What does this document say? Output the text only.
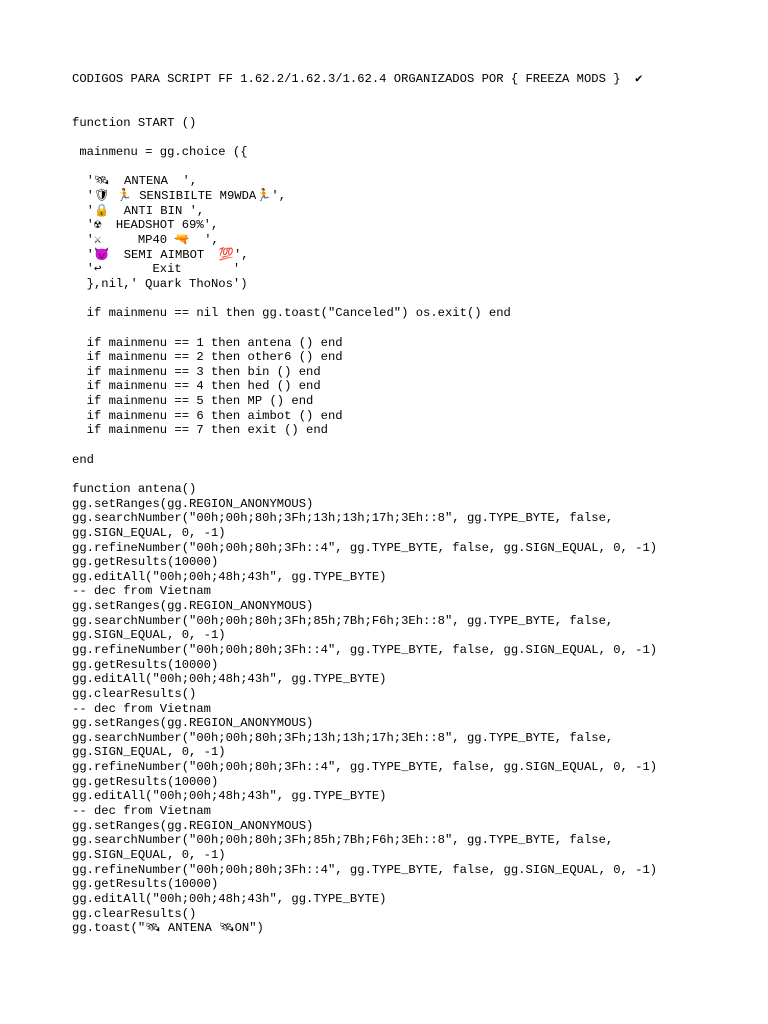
CODIGOS PARA SCRIPT FF 1.62.2/1.62.3/1.62.4 ORGANIZADOS POR { FREEZA MODS }  ✔
function START ()
mainmenu = gg.choice ({
'🛰  ANTENA  ',
'🛡 🏃 SENSIBILTE M9WDA🏃',
'🔒  ANTI BIN ',
'☢  HEADSHOT 69%',
'⚔     MP40 🔫  ',
'😈  SEMI AIMBOT  💯',
'↩       Exit       '
},nil,' Quark ThoNos')
if mainmenu == nil then gg.toast("Canceled") os.exit() end
if mainmenu == 1 then antena () end
if mainmenu == 2 then other6 () end
if mainmenu == 3 then bin () end
if mainmenu == 4 then hed () end
if mainmenu == 5 then MP () end
if mainmenu == 6 then aimbot () end
if mainmenu == 7 then exit () end
end
function antena()
gg.setRanges(gg.REGION_ANONYMOUS)
gg.searchNumber("00h;00h;80h;3Fh;13h;13h;17h;3Eh::8", gg.TYPE_BYTE, false,
gg.SIGN_EQUAL, 0, -1)
gg.refineNumber("00h;00h;80h;3Fh::4", gg.TYPE_BYTE, false, gg.SIGN_EQUAL, 0, -1)
gg.getResults(10000)
gg.editAll("00h;00h;48h;43h", gg.TYPE_BYTE)
-- dec from Vietnam
gg.setRanges(gg.REGION_ANONYMOUS)
gg.searchNumber("00h;00h;80h;3Fh;85h;7Bh;F6h;3Eh::8", gg.TYPE_BYTE, false,
gg.SIGN_EQUAL, 0, -1)
gg.refineNumber("00h;00h;80h;3Fh::4", gg.TYPE_BYTE, false, gg.SIGN_EQUAL, 0, -1)
gg.getResults(10000)
gg.editAll("00h;00h;48h;43h", gg.TYPE_BYTE)
gg.clearResults()
-- dec from Vietnam
gg.setRanges(gg.REGION_ANONYMOUS)
gg.searchNumber("00h;00h;80h;3Fh;13h;13h;17h;3Eh::8", gg.TYPE_BYTE, false,
gg.SIGN_EQUAL, 0, -1)
gg.refineNumber("00h;00h;80h;3Fh::4", gg.TYPE_BYTE, false, gg.SIGN_EQUAL, 0, -1)
gg.getResults(10000)
gg.editAll("00h;00h;48h;43h", gg.TYPE_BYTE)
-- dec from Vietnam
gg.setRanges(gg.REGION_ANONYMOUS)
gg.searchNumber("00h;00h;80h;3Fh;85h;7Bh;F6h;3Eh::8", gg.TYPE_BYTE, false,
gg.SIGN_EQUAL, 0, -1)
gg.refineNumber("00h;00h;80h;3Fh::4", gg.TYPE_BYTE, false, gg.SIGN_EQUAL, 0, -1)
gg.getResults(10000)
gg.editAll("00h;00h;48h;43h", gg.TYPE_BYTE)
gg.clearResults()
gg.toast("🛰 ANTENA 🛰ON")
